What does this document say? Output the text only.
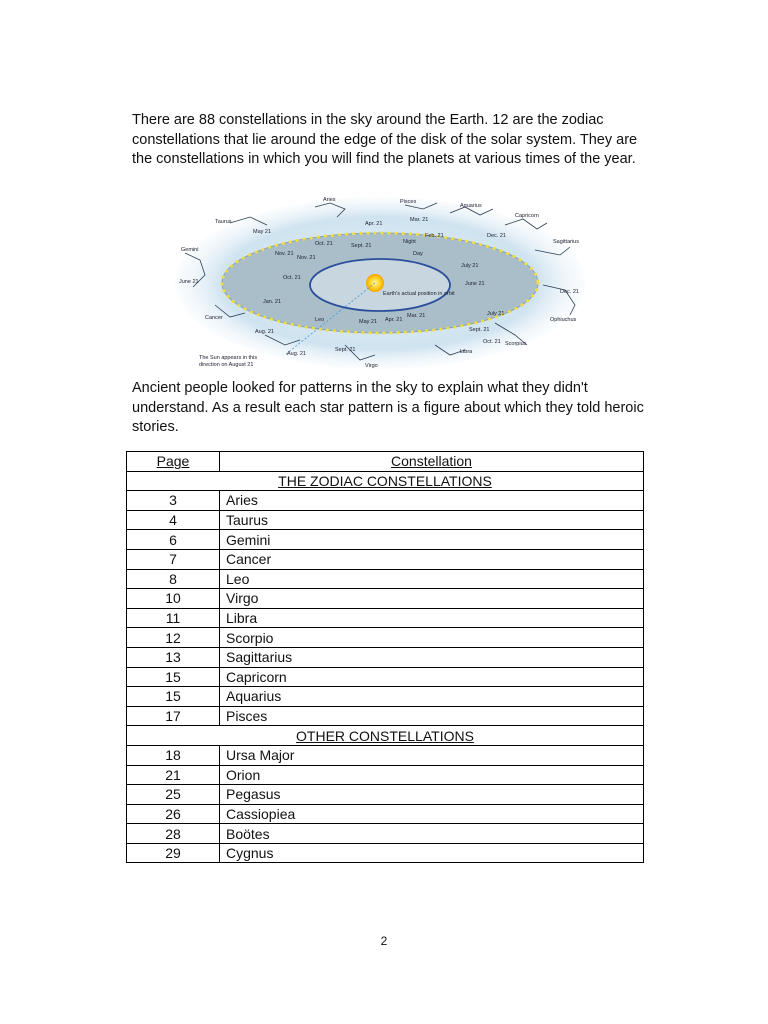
There are 88 constellations in the sky around the Earth. 12 are the zodiac constellations that lie around the edge of the disk of the solar system. They are the constellations in which you will find the planets at various times of the year.

Aries	Pisces
Aquarius
Taurus
Capricorn
Gemini
Sagittarius
Cancer	Ophiuchus
Leo
Scorpius
Libra
Virgo
Mar. 21
Apr. 21
May 21
Feb. 21
June 21	June 21
Dec. 21
July 21
Nov. 21
Oct. 21	Sept. 21
Aug. 21
Jan. 21
Nov. 21
Dec. 21
Oct. 21
Mar. 21
Apr. 21
May 21
Sept. 21
Aug. 21
July 21
Sept. 21
Oct. 21
Earth's actual position in orbit
Day
Night
The Sun appears in this
direction on August 21

Ancient people looked for patterns in the sky to explain what they didn't understand. As a result each star pattern is a figure about which they told heroic stories.

Page	Constellation
THE ZODIAC CONSTELLATIONS	
3	Aries
4	Taurus
6	Gemini
7	Cancer
8	Leo
10	Virgo
11	Libra
12	Scorpio
13	Sagittarius
15	Capricorn
15	Aquarius
17	Pisces
OTHER CONSTELLATIONS	
18	Ursa Major
21	Orion
25	Pegasus
26	Cassiopiea
28	Boötes
29	Cygnus
2
